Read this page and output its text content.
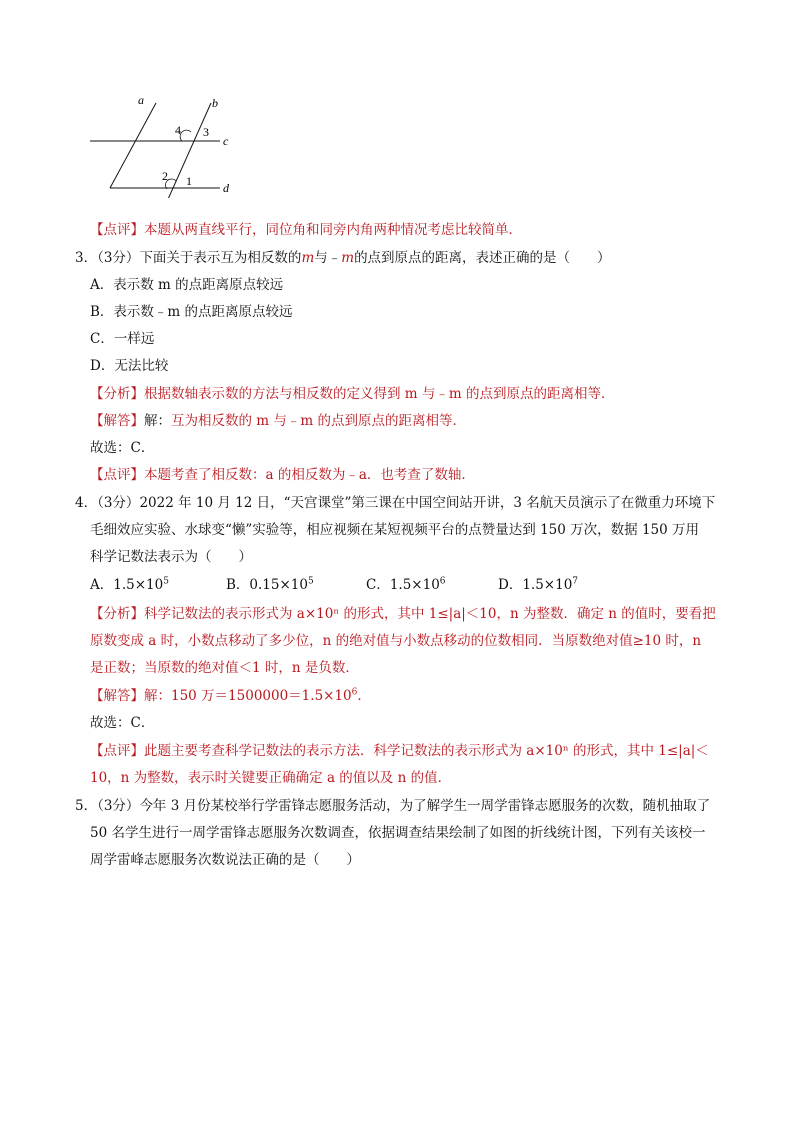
a	b
c
d
4 3
2 1
【点评】本题从两直线平行，同位角和同旁内角两种情况考虑比较简单．
3．（3分）下面关于表示互为相反数的m与﹣m的点到原点的距离，表述正确的是（　　）
A．表示数 m 的点距离原点较远
B．表示数﹣m 的点距离原点较远
C．一样远
D．无法比较
【分析】根据数轴表示数的方法与相反数的定义得到 m 与﹣m 的点到原点的距离相等．
【解答】解：互为相反数的 m 与﹣m 的点到原点的距离相等．
故选：C．
【点评】本题考查了相反数：a 的相反数为﹣a．也考查了数轴．
4．（3分）2022 年 10 月 12 日，“天宫课堂”第三课在中国空间站开讲，3 名航天员演示了在微重力环境下
毛细效应实验、水球变“懒”实验等，相应视频在某短视频平台的点赞量达到 150 万次，数据 150 万用
科学记数法表示为（　　）
A．$1.5\times 10^5$	B．$0.15\times 10^5$	C．$1.5\times 10^6$	D．$1.5\times 10^7$
【分析】科学记数法的表示形式为 a×10ⁿ 的形式，其中 1≤|a|＜10，n 为整数．确定 n 的值时，要看把
原数变成 a 时，小数点移动了多少位，n 的绝对值与小数点移动的位数相同．当原数绝对值≥10 时，n
是正数；当原数的绝对值＜1 时，n 是负数．
【解答】解：150 万$=1500000=1.5\times 10^6$．
故选：C．
【点评】此题主要考查科学记数法的表示方法．科学记数法的表示形式为 a×10ⁿ 的形式，其中 1≤|a|＜
10，n 为整数，表示时关键要正确确定 a 的值以及 n 的值．
5．（3分）今年 3 月份某校举行学雷锋志愿服务活动，为了解学生一周学雷锋志愿服务的次数，随机抽取了
50 名学生进行一周学雷锋志愿服务次数调查，依据调查结果绘制了如图的折线统计图，下列有关该校一
周学雷峰志愿服务次数说法正确的是（　　）
